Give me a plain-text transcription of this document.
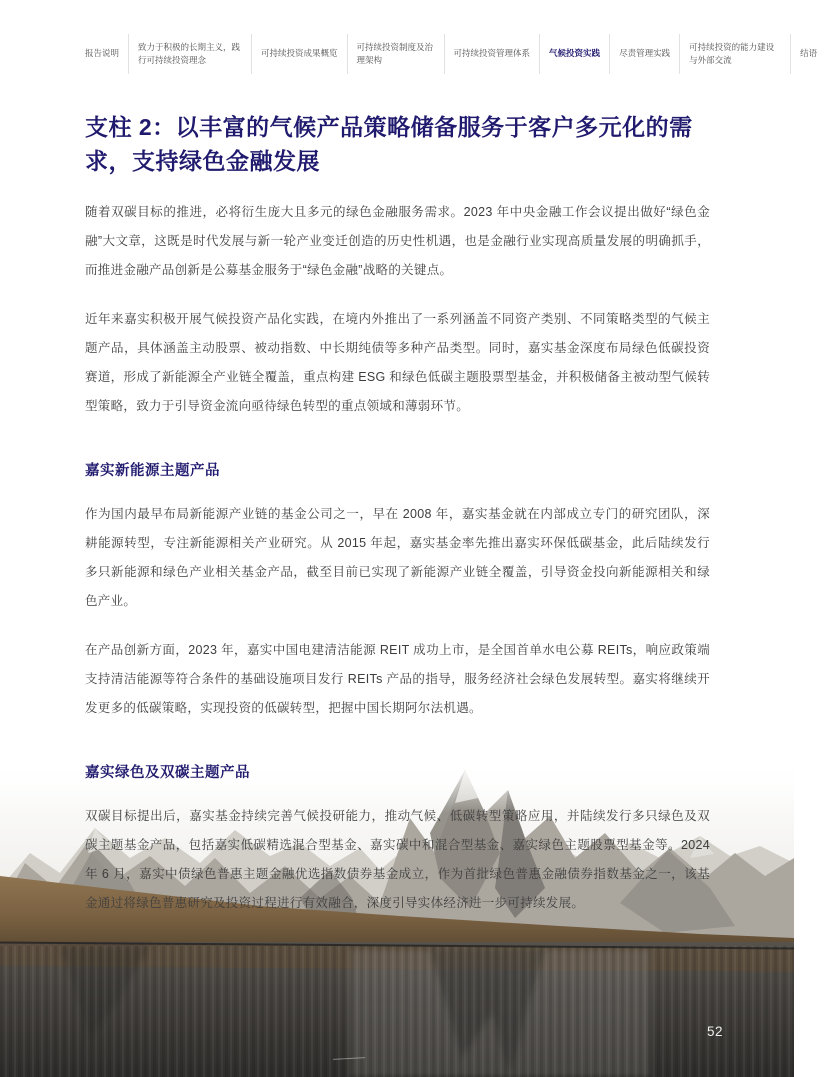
报告说明
致力于积极的长期主义，践行可持续投资理念
可持续投资成果概览
可持续投资制度及治理架构
可持续投资管理体系	气候投资实践	尽责管理实践
可持续投资的能力建设与外部交流
结语
支柱 2：以丰富的气候产品策略储备服务于客户多元化的需求，支持绿色金融发展

随着双碳目标的推进，必将衍生庞大且多元的绿色金融服务需求。2023 年中央金融工作会议提出做好“绿色金融”大文章，这既是时代发展与新一轮产业变迁创造的历史性机遇，也是金融行业实现高质量发展的明确抓手，而推进金融产品创新是公募基金服务于“绿色金融”战略的关键点。

近年来嘉实积极开展气候投资产品化实践，在境内外推出了一系列涵盖不同资产类别、不同策略类型的气候主题产品，具体涵盖主动股票、被动指数、中长期纯债等多种产品类型。同时，嘉实基金深度布局绿色低碳投资赛道，形成了新能源全产业链全覆盖，重点构建 ESG 和绿色低碳主题股票型基金，并积极储备主被动型气候转型策略，致力于引导资金流向亟待绿色转型的重点领域和薄弱环节。

嘉实新能源主题产品

作为国内最早布局新能源产业链的基金公司之一，早在 2008 年，嘉实基金就在内部成立专门的研究团队，深耕能源转型，专注新能源相关产业研究。从 2015 年起，嘉实基金率先推出嘉实环保低碳基金，此后陆续发行多只新能源和绿色产业相关基金产品，截至目前已实现了新能源产业链全覆盖，引导资金投向新能源相关和绿色产业。

在产品创新方面，2023 年，嘉实中国电建清洁能源 REIT 成功上市，是全国首单水电公募 REITs，响应政策端支持清洁能源等符合条件的基础设施项目发行 REITs 产品的指导，服务经济社会绿色发展转型。嘉实将继续开发更多的低碳策略，实现投资的低碳转型，把握中国长期阿尔法机遇。

嘉实绿色及双碳主题产品

双碳目标提出后，嘉实基金持续完善气候投研能力，推动气候、低碳转型策略应用，并陆续发行多只绿色及双碳主题基金产品，包括嘉实低碳精选混合型基金、嘉实碳中和混合型基金、嘉实绿色主题股票型基金等。2024 年 6 月，嘉实中债绿色普惠主题金融优选指数债券基金成立，作为首批绿色普惠金融债券指数基金之一，该基金通过将绿色普惠研究及投资过程进行有效融合，深度引导实体经济进一步可持续发展。

52
